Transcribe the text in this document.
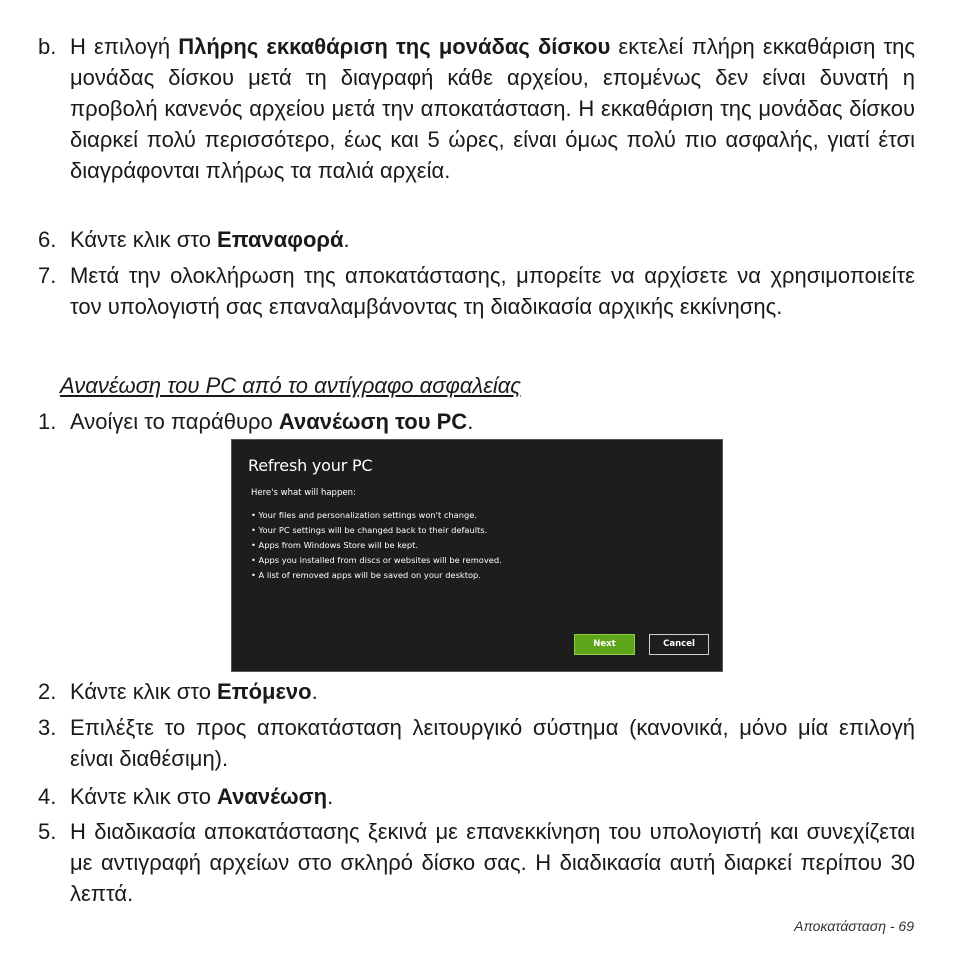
b. Η επιλογή Πλήρης εκκαθάριση της μονάδας δίσκου εκτελεί πλήρη εκκαθάριση της μονάδας δίσκου μετά τη διαγραφή κάθε αρχείου, επομένως δεν είναι δυνατή η προβολή κανενός αρχείου μετά την αποκατάσταση. Η εκκαθάριση της μονάδας δίσκου διαρκεί πολύ περισσότερο, έως και 5 ώρες, είναι όμως πολύ πιο ασφαλής, γιατί έτσι διαγράφονται πλήρως τα παλιά αρχεία.
6. Κάντε κλικ στο Επαναφορά.
7. Μετά την ολοκλήρωση της αποκατάστασης, μπορείτε να αρχίσετε να χρησιμοποιείτε τον υπολογιστή σας επαναλαμβάνοντας τη διαδικασία αρχικής εκκίνησης.
Ανανέωση του PC από το αντίγραφο ασφαλείας
1. Ανοίγει το παράθυρο Ανανέωση του PC.
Refresh your PC
Here's what will happen:
• Your files and personalization settings won't change.
• Your PC settings will be changed back to their defaults.
• Apps from Windows Store will be kept.
• Apps you installed from discs or websites will be removed.
• A list of removed apps will be saved on your desktop.
Next	Cancel
2. Κάντε κλικ στο Επόμενο.
3. Επιλέξτε το προς αποκατάσταση λειτουργικό σύστημα (κανονικά, μόνο μία επιλογή είναι διαθέσιμη).
4. Κάντε κλικ στο Ανανέωση.
5. Η διαδικασία αποκατάστασης ξεκινά με επανεκκίνηση του υπολογιστή και συνεχίζεται με αντιγραφή αρχείων στο σκληρό δίσκο σας. Η διαδικασία αυτή διαρκεί περίπου 30 λεπτά.
Αποκατάσταση - 69
